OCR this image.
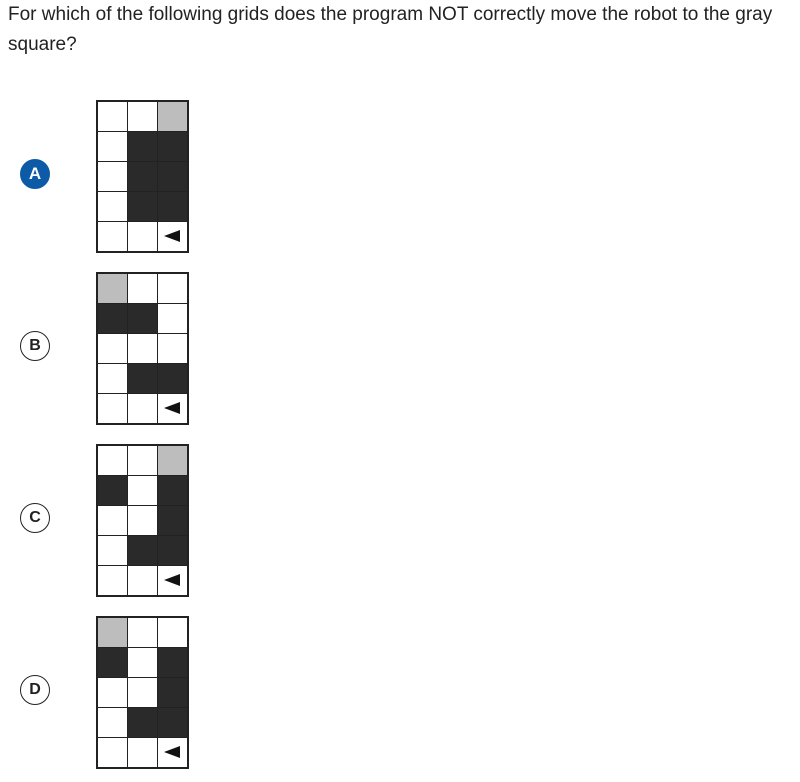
For which of the following grids does the program NOT correctly move the robot to the gray square?
A
B
C
D
